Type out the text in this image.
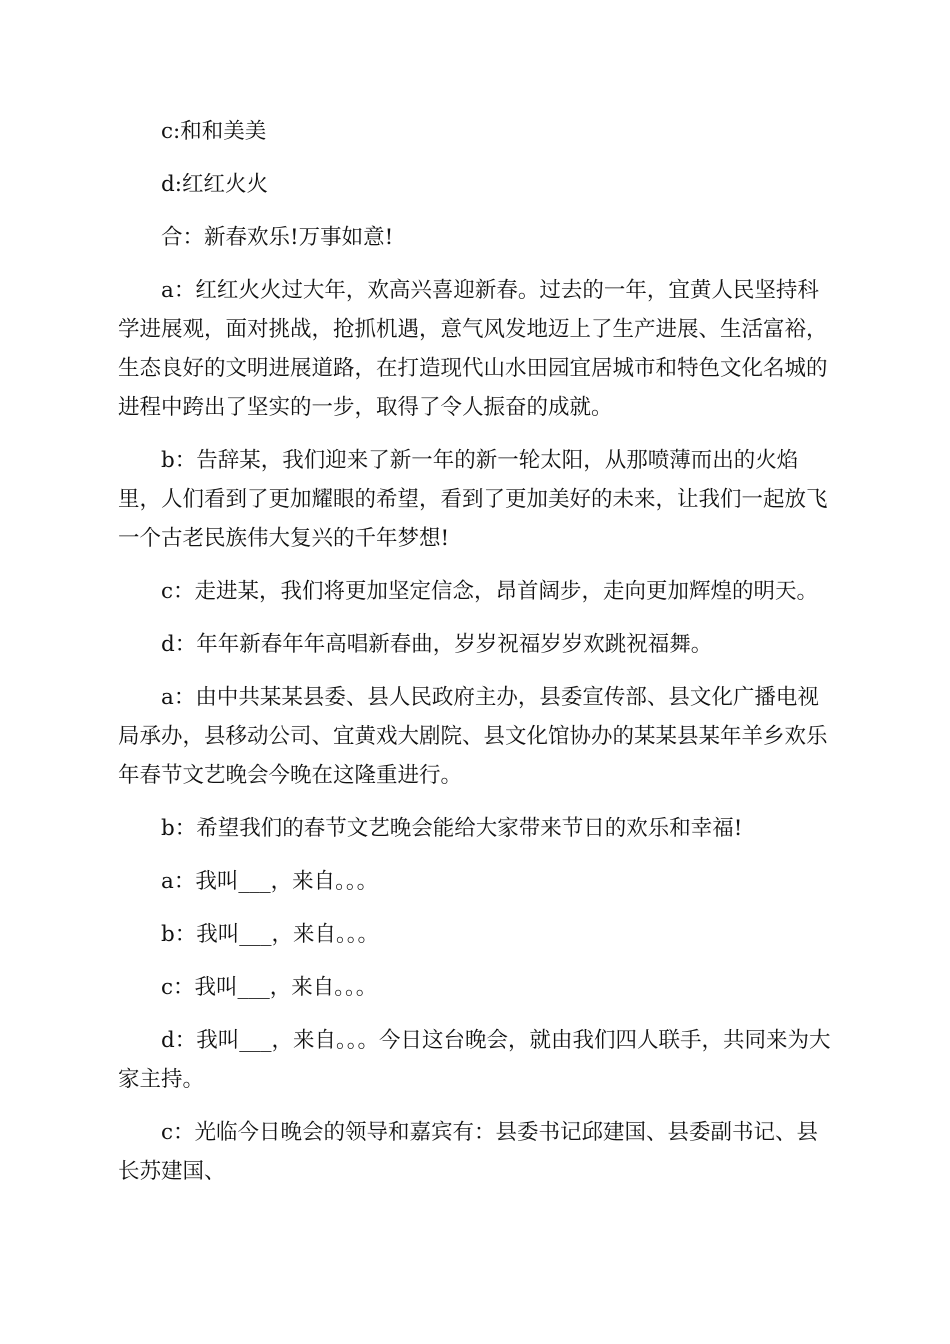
c:和和美美

d:红红火火

合：新春欢乐!万事如意!

a：红红火火过大年，欢高兴喜迎新春。过去的一年，宜黄人民坚持科学进展观，面对挑战，抢抓机遇，意气风发地迈上了生产进展、生活富裕，生态良好的文明进展道路，在打造现代山水田园宜居城市和特色文化名城的进程中跨出了坚实的一步，取得了令人振奋的成就。

b：告辞某，我们迎来了新一年的新一轮太阳，从那喷薄而出的火焰里，人们看到了更加耀眼的希望，看到了更加美好的未来，让我们一起放飞一个古老民族伟大复兴的千年梦想!

c：走进某，我们将更加坚定信念，昂首阔步，走向更加辉煌的明天。

d：年年新春年年高唱新春曲，岁岁祝福岁岁欢跳祝福舞。

a：由中共某某县委、县人民政府主办，县委宣传部、县文化广播电视局承办，县移动公司、宜黄戏大剧院、县文化馆协办的某某县某年羊乡欢乐年春节文艺晚会今晚在这隆重进行。

b：希望我们的春节文艺晚会能给大家带来节日的欢乐和幸福!

a：我叫___，来自。。。

b：我叫___，来自。。。

c：我叫___，来自。。。

d：我叫___，来自。。。今日这台晚会，就由我们四人联手，共同来为大家主持。

c：光临今日晚会的领导和嘉宾有：县委书记邱建国、县委副书记、县长苏建国、
